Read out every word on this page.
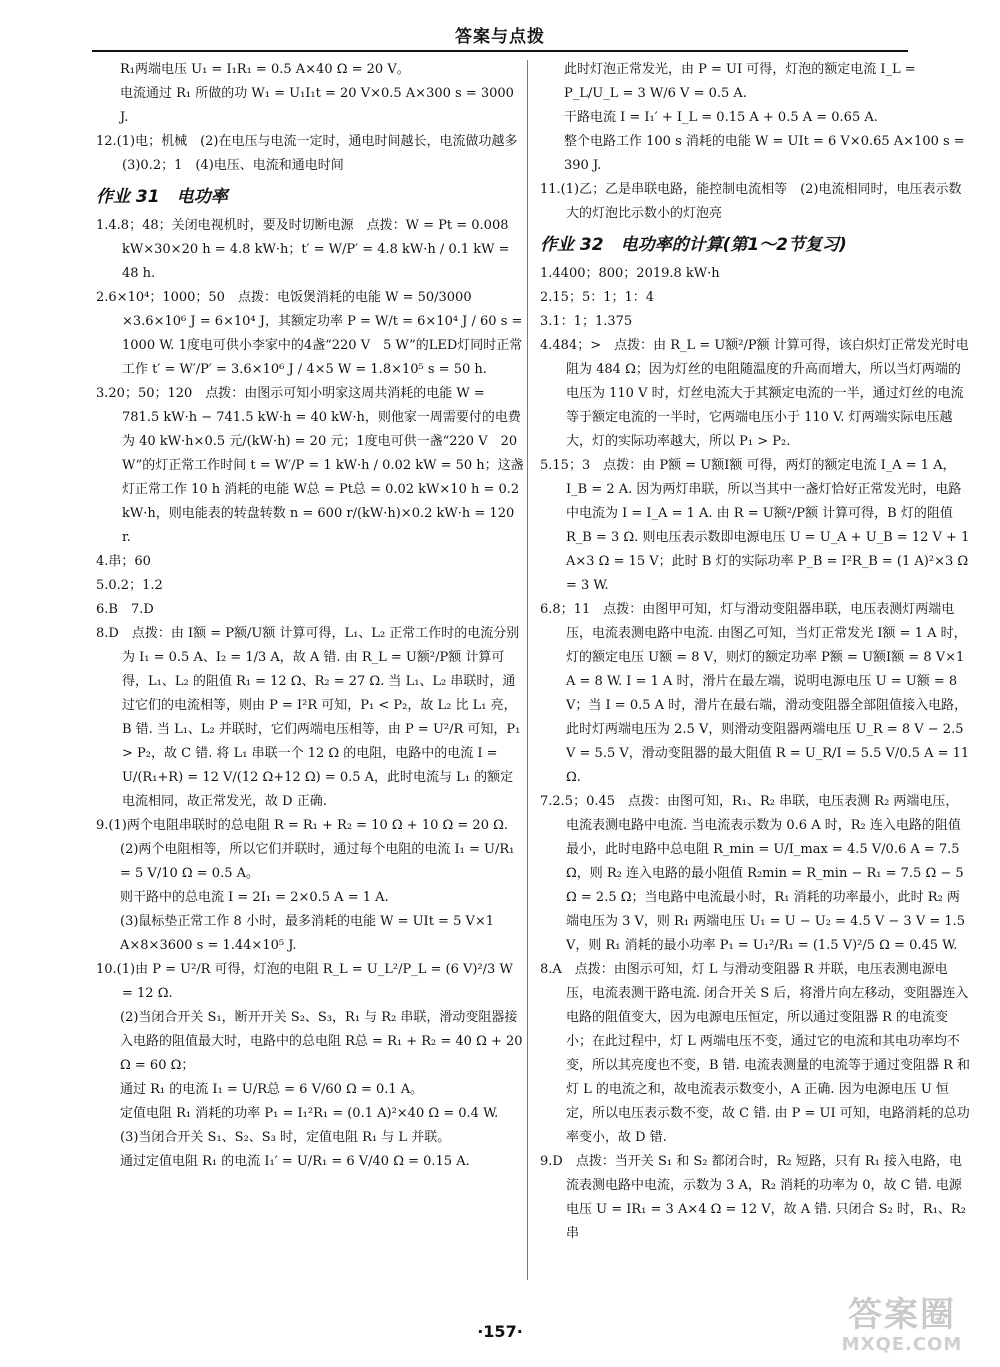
答案与点拨

R₁两端电压 U₁ = I₁R₁ = 0.5 A×40 Ω = 20 V。

电流通过 R₁ 所做的功 W₁ = U₁I₁t = 20 V×0.5 A×300 s = 3000 J.

12.(1)电；机械　(2)在电压与电流一定时，通电时间越长，电流做功越多　(3)0.2；1　(4)电压、电流和通电时间

作业 31　电功率

1.4.8；48；关闭电视机时，要及时切断电源　点拨：W = Pt = 0.008 kW×30×20 h = 4.8 kW·h；t′ = W/P′ = 4.8 kW·h / 0.1 kW = 48 h.

2.6×10⁴；1000；50　点拨：电饭煲消耗的电能 W = 50/3000 ×3.6×10⁶ J = 6×10⁴ J，其额定功率 P = W/t = 6×10⁴ J / 60 s = 1000 W. 1度电可供小李家中的4盏“220 V　5 W”的LED灯同时正常工作 t′ = W′/P′ = 3.6×10⁶ J / 4×5 W = 1.8×10⁵ s = 50 h.

3.20；50；120　点拨：由图示可知小明家这周共消耗的电能 W = 781.5 kW·h − 741.5 kW·h = 40 kW·h，则他家一周需要付的电费为 40 kW·h×0.5 元/(kW·h) = 20 元；1度电可供一盏“220 V　20 W”的灯正常工作时间 t = W′/P = 1 kW·h / 0.02 kW = 50 h；这盏灯正常工作 10 h 消耗的电能 W总 = Pt总 = 0.02 kW×10 h = 0.2 kW·h，则电能表的转盘转数 n = 600 r/(kW·h)×0.2 kW·h = 120 r.

4.串；60

5.0.2；1.2

6.B　7.D

8.D　点拨：由 I额 = P额/U额 计算可得，L₁、L₂ 正常工作时的电流分别为 I₁ = 0.5 A、I₂ = 1/3 A，故 A 错. 由 R_L = U额²/P额 计算可得，L₁、L₂ 的阻值 R₁ = 12 Ω、R₂ = 27 Ω. 当 L₁、L₂ 串联时，通过它们的电流相等，则由 P = I²R 可知，P₁ < P₂，故 L₂ 比 L₁ 亮，B 错. 当 L₁、L₂ 并联时，它们两端电压相等，由 P = U²/R 可知，P₁ > P₂，故 C 错. 将 L₁ 串联一个 12 Ω 的电阻，电路中的电流 I = U/(R₁+R) = 12 V/(12 Ω+12 Ω) = 0.5 A，此时电流与 L₁ 的额定电流相同，故正常发光，故 D 正确.

9.(1)两个电阻串联时的总电阻 R = R₁ + R₂ = 10 Ω + 10 Ω = 20 Ω.

(2)两个电阻相等，所以它们并联时，通过每个电阻的电流 I₁ = U/R₁ = 5 V/10 Ω = 0.5 A。

则干路中的总电流 I = 2I₁ = 2×0.5 A = 1 A.

(3)鼠标垫正常工作 8 小时，最多消耗的电能 W = UIt = 5 V×1 A×8×3600 s = 1.44×10⁵ J.

10.(1)由 P = U²/R 可得，灯泡的电阻 R_L = U_L²/P_L = (6 V)²/3 W = 12 Ω.

(2)当闭合开关 S₁，断开开关 S₂、S₃，R₁ 与 R₂ 串联，滑动变阻器接入电路的阻值最大时，电路中的总电阻 R总 = R₁ + R₂ = 40 Ω + 20 Ω = 60 Ω；

通过 R₁ 的电流 I₁ = U/R总 = 6 V/60 Ω = 0.1 A。

定值电阻 R₁ 消耗的功率 P₁ = I₁²R₁ = (0.1 A)²×40 Ω = 0.4 W.

(3)当闭合开关 S₁、S₂、S₃ 时，定值电阻 R₁ 与 L 并联。

通过定值电阻 R₁ 的电流 I₁′ = U/R₁ = 6 V/40 Ω = 0.15 A.

此时灯泡正常发光，由 P = UI 可得，灯泡的额定电流 I_L = P_L/U_L = 3 W/6 V = 0.5 A.

干路电流 I = I₁′ + I_L = 0.15 A + 0.5 A = 0.65 A.

整个电路工作 100 s 消耗的电能 W = UIt = 6 V×0.65 A×100 s = 390 J.

11.(1)乙；乙是串联电路，能控制电流相等　(2)电流相同时，电压表示数大的灯泡比示数小的灯泡亮

作业 32　电功率的计算(第1～2节复习)

1.4400；800；2019.8 kW·h

2.15；5：1；1：4

3.1：1；1.375

4.484；>　点拨：由 R_L = U额²/P额 计算可得，该白炽灯正常发光时电阻为 484 Ω；因为灯丝的电阻随温度的升高而增大，所以当灯两端的电压为 110 V 时，灯丝电流大于其额定电流的一半，通过灯丝的电流等于额定电流的一半时，它两端电压小于 110 V. 灯两端实际电压越大，灯的实际功率越大，所以 P₁ > P₂.

5.15；3　点拨：由 P额 = U额I额 可得，两灯的额定电流 I_A = 1 A，I_B = 2 A. 因为两灯串联，所以当其中一盏灯恰好正常发光时，电路中电流为 I = I_A = 1 A. 由 R = U额²/P额 计算可得，B 灯的阻值 R_B = 3 Ω. 则电压表示数即电源电压 U = U_A + U_B = 12 V + 1 A×3 Ω = 15 V；此时 B 灯的实际功率 P_B = I²R_B = (1 A)²×3 Ω = 3 W.

6.8；11　点拨：由图甲可知，灯与滑动变阻器串联，电压表测灯两端电压，电流表测电路中电流. 由图乙可知，当灯正常发光 I额 = 1 A 时，灯的额定电压 U额 = 8 V，则灯的额定功率 P额 = U额I额 = 8 V×1 A = 8 W. I = 1 A 时，滑片在最左端，说明电源电压 U = U额 = 8 V；当 I = 0.5 A 时，滑片在最右端，滑动变阻器全部阻值接入电路，此时灯两端电压为 2.5 V，则滑动变阻器两端电压 U_R = 8 V − 2.5 V = 5.5 V，滑动变阻器的最大阻值 R = U_R/I = 5.5 V/0.5 A = 11 Ω.

7.2.5；0.45　点拨：由图可知，R₁、R₂ 串联，电压表测 R₂ 两端电压，电流表测电路中电流. 当电流表示数为 0.6 A 时，R₂ 连入电路的阻值最小，此时电路中总电阻 R_min = U/I_max = 4.5 V/0.6 A = 7.5 Ω，则 R₂ 连入电路的最小阻值 R₂min = R_min − R₁ = 7.5 Ω − 5 Ω = 2.5 Ω；当电路中电流最小时，R₁ 消耗的功率最小，此时 R₂ 两端电压为 3 V，则 R₁ 两端电压 U₁ = U − U₂ = 4.5 V − 3 V = 1.5 V，则 R₁ 消耗的最小功率 P₁ = U₁²/R₁ = (1.5 V)²/5 Ω = 0.45 W.

8.A　点拨：由图示可知，灯 L 与滑动变阻器 R 并联，电压表测电源电压，电流表测干路电流. 闭合开关 S 后，将滑片向左移动，变阻器连入电路的阻值变大，因为电源电压恒定，所以通过变阻器 R 的电流变小；在此过程中，灯 L 两端电压不变，通过它的电流和其电功率均不变，所以其亮度也不变，B 错. 电流表测量的电流等于通过变阻器 R 和灯 L 的电流之和，故电流表示数变小，A 正确. 因为电源电压 U 恒定，所以电压表示数不变，故 C 错. 由 P = UI 可知，电路消耗的总功率变小，故 D 错.

9.D　点拨：当开关 S₁ 和 S₂ 都闭合时，R₂ 短路，只有 R₁ 接入电路，电流表测电路中电流，示数为 3 A，R₂ 消耗的功率为 0，故 C 错. 电源电压 U = IR₁ = 3 A×4 Ω = 12 V，故 A 错. 只闭合 S₂ 时，R₁、R₂ 串

·157·	答案圈
MXQE.COM
